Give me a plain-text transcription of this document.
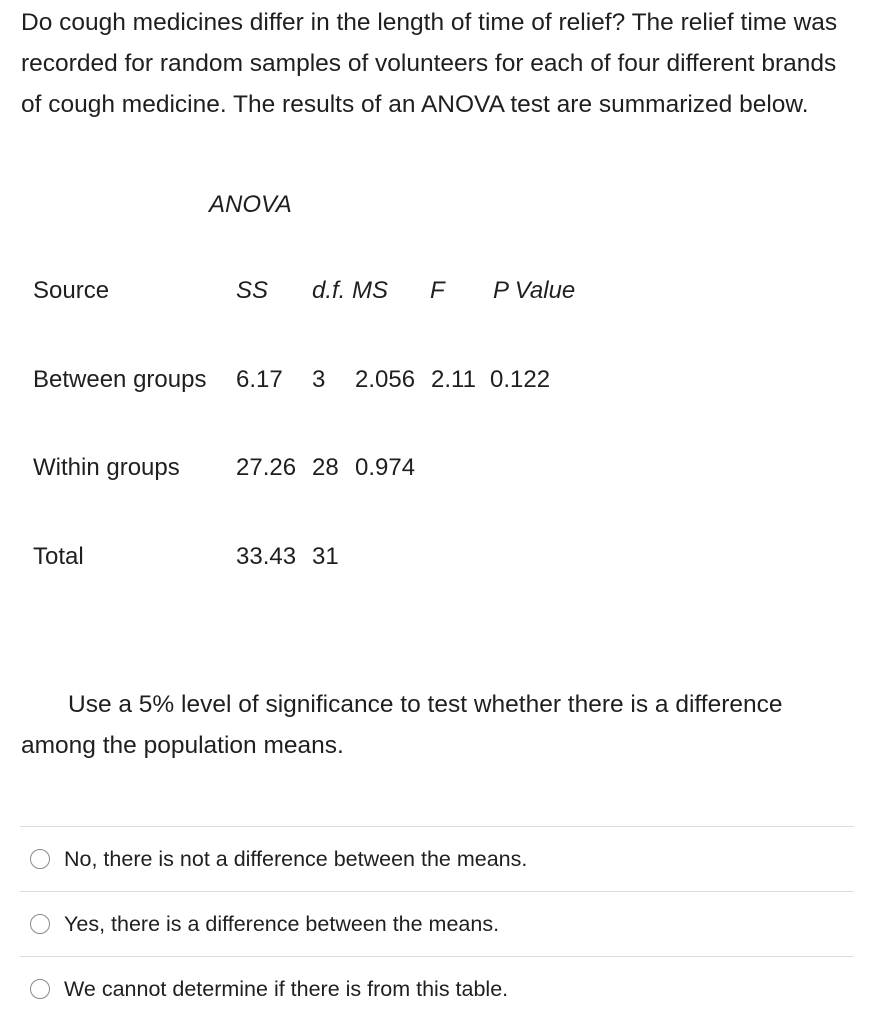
Do cough medicines differ in the length of time of relief? The relief time was recorded for random samples of volunteers for each of four different brands of cough medicine. The results of an ANOVA test are summarized below.

ANOVA
Source	SS d.f. MS F P Value
Between groups 6.17 3 2.056 2.11 0.122
Within groups 27.26 28 0.974
Total	33.43 31

Use a 5% level of significance to test whether there is a difference among the population means.

No, there is not a difference between the means.
Yes, there is a difference between the means.
We cannot determine if there is from this table.
